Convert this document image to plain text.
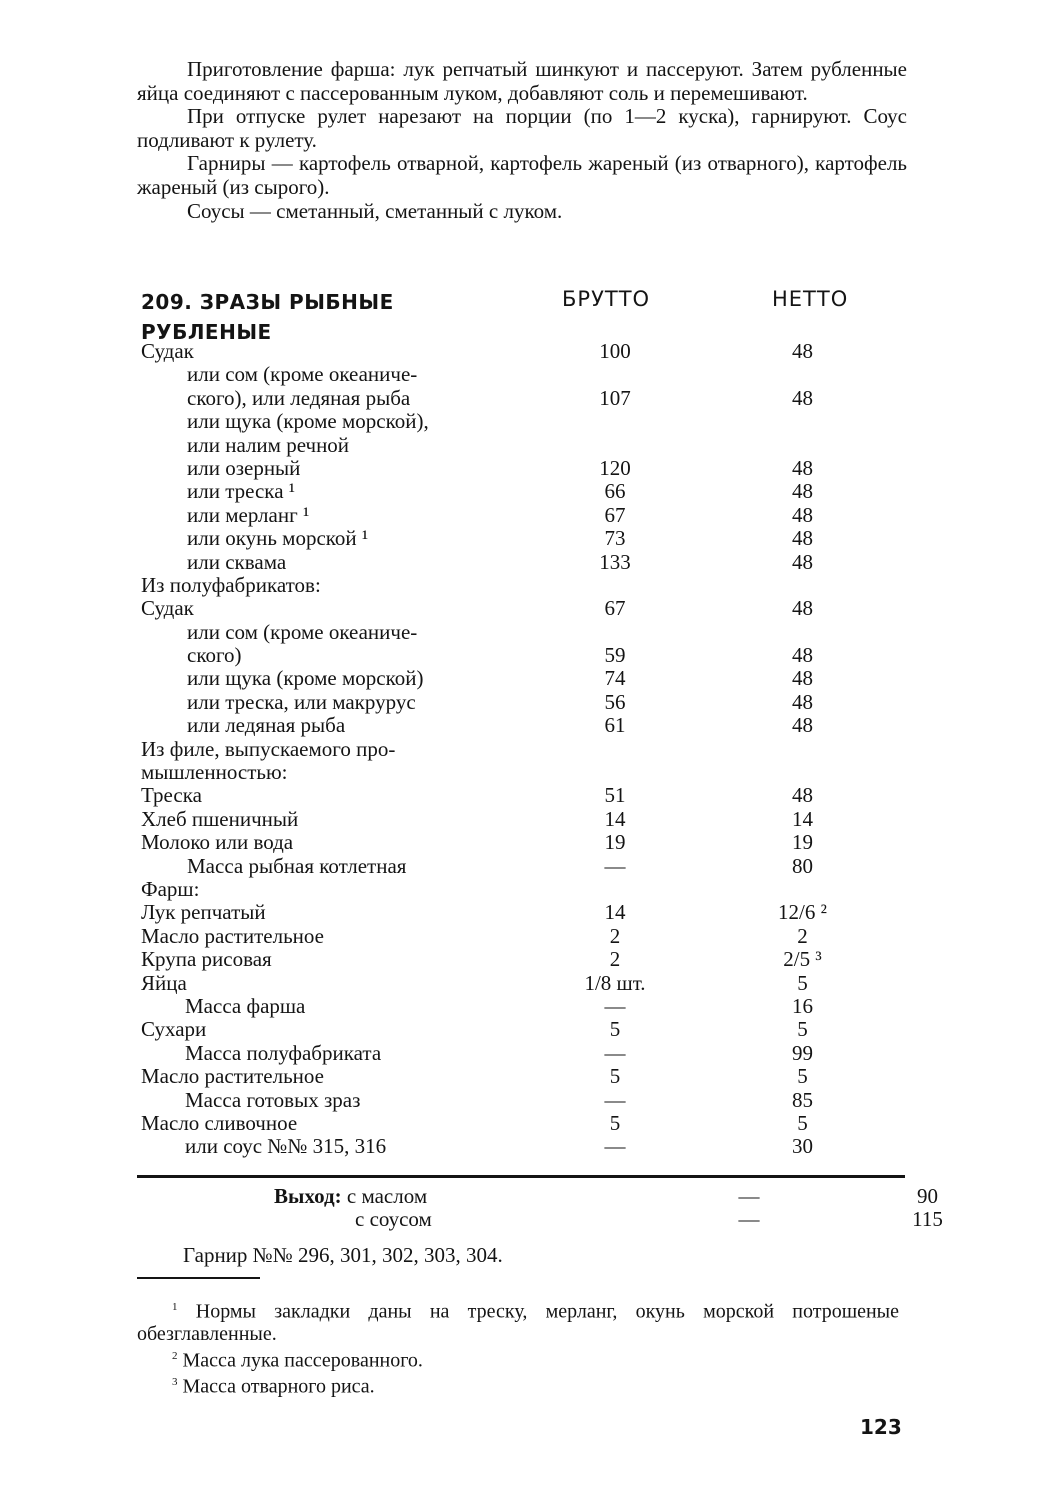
Приготовление фарша: лук репчатый шинкуют и пассеруют. Затем рубленные яйца соединяют с пассерованным луком, добавляют соль и перемешивают.

При отпуске рулет нарезают на порции (по 1—2 куска), гарнируют. Соус подливают к рулету.

Гарниры — картофель отварной, картофель жареный (из отварного), картофель жареный (из сырого).

Соусы — сметанный, сметанный с луком.

209. ЗРАЗЫ РЫБНЫЕ РУБЛЕНЫЕ
БРУТТО	НЕТТО
Судак	100	48
или сом (кроме океаниче-
ского), или ледяная рыба	107	48
или щука (кроме морской),
или налим речной
или озерный	120	48
или треска ¹	66	48
или мерланг ¹	67	48
или окунь морской ¹	73	48
или сквама	133	48
Из полуфабрикатов:
Судак	67	48
или сом (кроме океаниче-
ского)	59	48
или щука (кроме морской)	74	48
или треска, или макрурус	56	48
или ледяная рыба	61	48
Из филе, выпускаемого про-
мышленностью:
Треска	51	48
Хлеб пшеничный	14	14
Молоко или вода	19	19
Масса рыбная котлетная	—	80
Фарш:
Лук репчатый	14	12/6 ²
Масло растительное	2	2
Крупа рисовая	2	2/5 ³
Яйца	1/8 шт.	5
Масса фарша	—	16
Сухари	5	5
Масса полуфабриката	—	99
Масло растительное	5	5
Масса готовых зраз	—	85
Масло сливочное	5	5
или соус №№ 315, 316	—	30
Выход: с маслом	—	90
с соусом	—	115
Гарнир №№ 296, 301, 302, 303, 304.

$^1$ Нормы закладки даны на треску, мерланг, окунь морской потрошеные обезглавленные.

$^2$ Масса лука пассерованного.

$^3$ Масса отварного риса.

123
